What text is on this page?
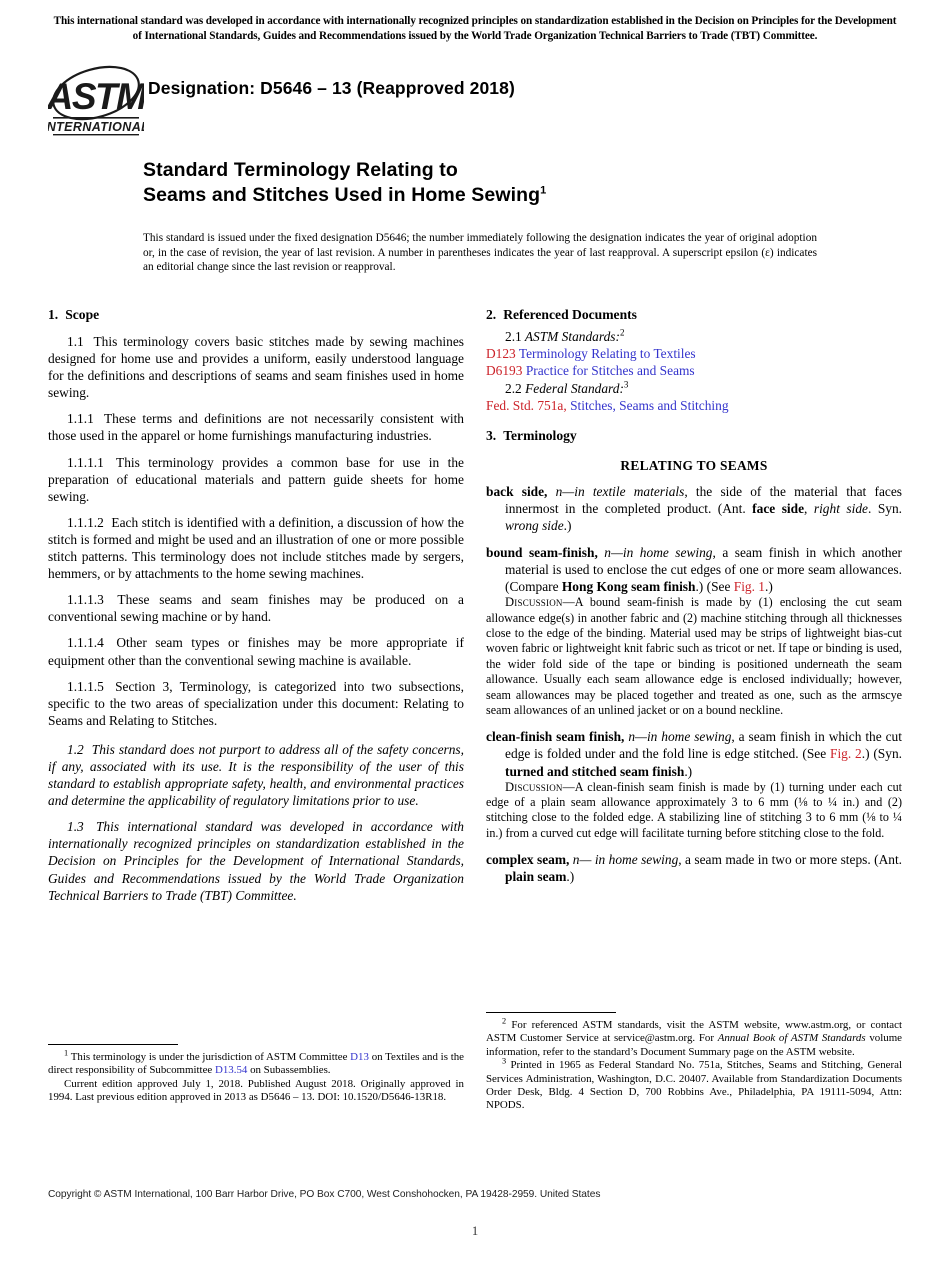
This international standard was developed in accordance with internationally recognized principles on standardization established in the Decision on Principles for the Development of International Standards, Guides and Recommendations issued by the World Trade Organization Technical Barriers to Trade (TBT) Committee.
ASTM
INTERNATIONAL
Designation: D5646 – 13 (Reapproved 2018)
Standard Terminology Relating to
Seams and Stitches Used in Home Sewing$^1$
This standard is issued under the fixed designation D5646; the number immediately following the designation indicates the year of original adoption or, in the case of revision, the year of last revision. A number in parentheses indicates the year of last reapproval. A superscript epsilon (ε) indicates an editorial change since the last revision or reapproval.
1. Scope

1.1 This terminology covers basic stitches made by sewing machines designed for home use and provides a uniform, easily understood language for the definitions and descriptions of seams and seam finishes used in home sewing.

1.1.1 These terms and definitions are not necessarily consistent with those used in the apparel or home furnishings manufacturing industries.

1.1.1.1 This terminology provides a common base for use in the preparation of educational materials and pattern guide sheets for home sewing.

1.1.1.2 Each stitch is identified with a definition, a discussion of how the stitch is formed and might be used and an illustration of one or more possible stitch patterns. This terminology does not include stitches made by sergers, hemmers, or by attachments to the home sewing machines.

1.1.1.3 These seams and seam finishes may be produced on a conventional sewing machine or by hand.

1.1.1.4 Other seam types or finishes may be more appropriate if equipment other than the conventional sewing machine is available.

1.1.1.5 Section 3, Terminology, is categorized into two subsections, specific to the two areas of specialization under this document: Relating to Seams and Relating to Stitches.

1.2 This standard does not purport to address all of the safety concerns, if any, associated with its use. It is the responsibility of the user of this standard to establish appropriate safety, health, and environmental practices and determine the applicability of regulatory limitations prior to use.

1.3 This international standard was developed in accordance with internationally recognized principles on standardization established in the Decision on Principles for the Development of International Standards, Guides and Recommendations issued by the World Trade Organization Technical Barriers to Trade (TBT) Committee.

2. Referenced Documents

2.1 ASTM Standards:$^2$

D123 Terminology Relating to Textiles

D6193 Practice for Stitches and Seams

2.2 Federal Standard:$^3$

Fed. Std. 751a, Stitches, Seams and Stitching

3. Terminology
RELATING TO SEAMS

back side, n—in textile materials, the side of the material that faces innermost in the completed product. (Ant. face side, right side. Syn. wrong side.)

bound seam-finish, n—in home sewing, a seam finish in which another material is used to enclose the cut edges of one or more seam allowances. (Compare Hong Kong seam finish.) (See Fig. 1.)

Discussion—A bound seam-finish is made by (1) enclosing the cut seam allowance edge(s) in another fabric and (2) machine stitching through all thicknesses close to the edge of the binding. Material used may be strips of lightweight bias-cut woven fabric or lightweight knit fabric such as tricot or net. If tape or binding is used, the wider fold side of the tape or binding is positioned underneath the seam allowance. Usually each seam allowance edge is enclosed individually; however, seam allowances may be placed together and treated as one, such as the armscye seam allowances of an unlined jacket or on a bound neckline.

clean-finish seam finish, n—in home sewing, a seam finish in which the cut edge is folded under and the fold line is edge stitched. (See Fig. 2.) (Syn. turned and stitched seam finish.)

Discussion—A clean-finish seam finish is made by (1) turning under each cut edge of a plain seam allowance approximately 3 to 6 mm (⅛ to ¼ in.) and (2) stitching close to the folded edge. A stabilizing line of stitching 3 to 6 mm (⅛ to ¼ in.) from a curved cut edge will facilitate turning before stitching close to the fold.

complex seam, n— in home sewing, a seam made in two or more steps. (Ant. plain seam.)

$^1$ This terminology is under the jurisdiction of ASTM Committee D13 on Textiles and is the direct responsibility of Subcommittee D13.54 on Subassemblies.

Current edition approved July 1, 2018. Published August 2018. Originally approved in 1994. Last previous edition approved in 2013 as D5646 – 13. DOI: 10.1520/D5646-13R18.

$^2$ For referenced ASTM standards, visit the ASTM website, www.astm.org, or contact ASTM Customer Service at service@astm.org. For Annual Book of ASTM Standards volume information, refer to the standard’s Document Summary page on the ASTM website.

$^3$ Printed in 1965 as Federal Standard No. 751a, Stitches, Seams and Stitching, General Services Administration, Washington, D.C. 20407. Available from Standardization Documents Order Desk, Bldg. 4 Section D, 700 Robbins Ave., Philadelphia, PA 19111-5094, Attn: NPODS.

Copyright © ASTM International, 100 Barr Harbor Drive, PO Box C700, West Conshohocken, PA 19428-2959. United States
1
